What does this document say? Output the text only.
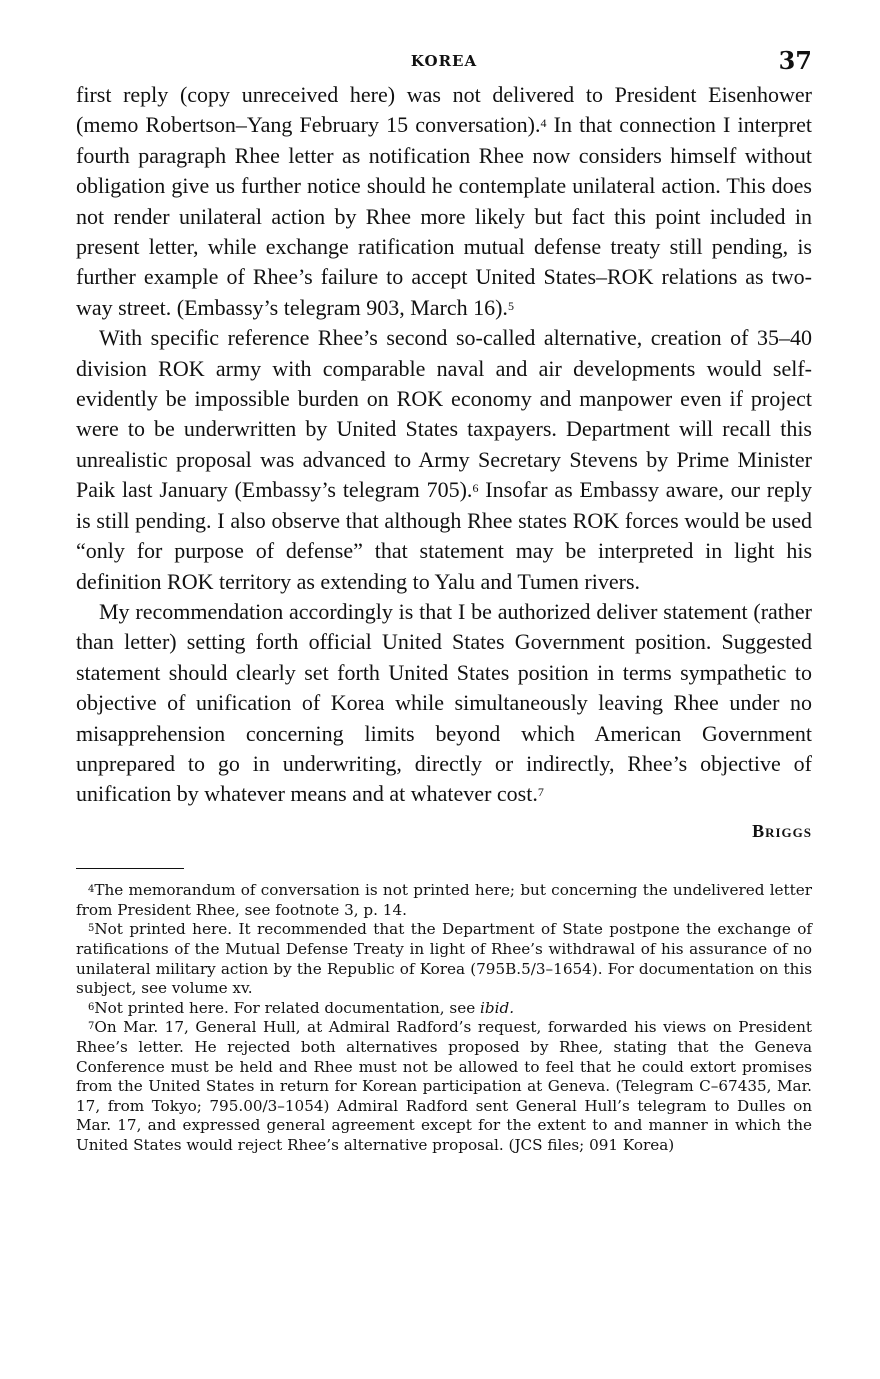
KOREA	37

first reply (copy unreceived here) was not delivered to President Eisenhower (memo Robertson–Yang February 15 conversation).$^4$ In that connection I interpret fourth paragraph Rhee letter as notification Rhee now considers himself without obligation give us further notice should he contemplate unilateral action. This does not render unilateral action by Rhee more likely but fact this point included in present letter, while exchange ratification mutual defense treaty still pending, is further example of Rhee’s failure to accept United States–ROK relations as two-way street. (Embassy’s telegram 903, March 16).$^5$

With specific reference Rhee’s second so-called alternative, creation of 35–40 division ROK army with comparable naval and air developments would self-evidently be impossible burden on ROK economy and manpower even if project were to be underwritten by United States taxpayers. Department will recall this unrealistic proposal was advanced to Army Secretary Stevens by Prime Minister Paik last January (Embassy’s telegram 705).$^6$ Insofar as Embassy aware, our reply is still pending. I also observe that although Rhee states ROK forces would be used “only for purpose of defense” that statement may be interpreted in light his definition ROK territory as extending to Yalu and Tumen rivers.

My recommendation accordingly is that I be authorized deliver statement (rather than letter) setting forth official United States Government position. Suggested statement should clearly set forth United States position in terms sympathetic to objective of unification of Korea while simultaneously leaving Rhee under no misapprehension concerning limits beyond which American Government unprepared to go in underwriting, directly or indirectly, Rhee’s objective of unification by whatever means and at whatever cost.$^7$

Briggs

$^4$The memorandum of conversation is not printed here; but concerning the undelivered letter from President Rhee, see footnote 3, p. 14.

$^5$Not printed here. It recommended that the Department of State postpone the exchange of ratifications of the Mutual Defense Treaty in light of Rhee’s withdrawal of his assurance of no unilateral military action by the Republic of Korea (795B.5/3–1654). For documentation on this subject, see volume xv.

$^6$Not printed here. For related documentation, see ibid.

$^7$On Mar. 17, General Hull, at Admiral Radford’s request, forwarded his views on President Rhee’s letter. He rejected both alternatives proposed by Rhee, stating that the Geneva Conference must be held and Rhee must not be allowed to feel that he could extort promises from the United States in return for Korean participation at Geneva. (Telegram C–67435, Mar. 17, from Tokyo; 795.00/3–1054) Admiral Radford sent General Hull’s telegram to Dulles on Mar. 17, and expressed general agreement except for the extent to and manner in which the United States would reject Rhee’s alternative proposal. (JCS files; 091 Korea)
